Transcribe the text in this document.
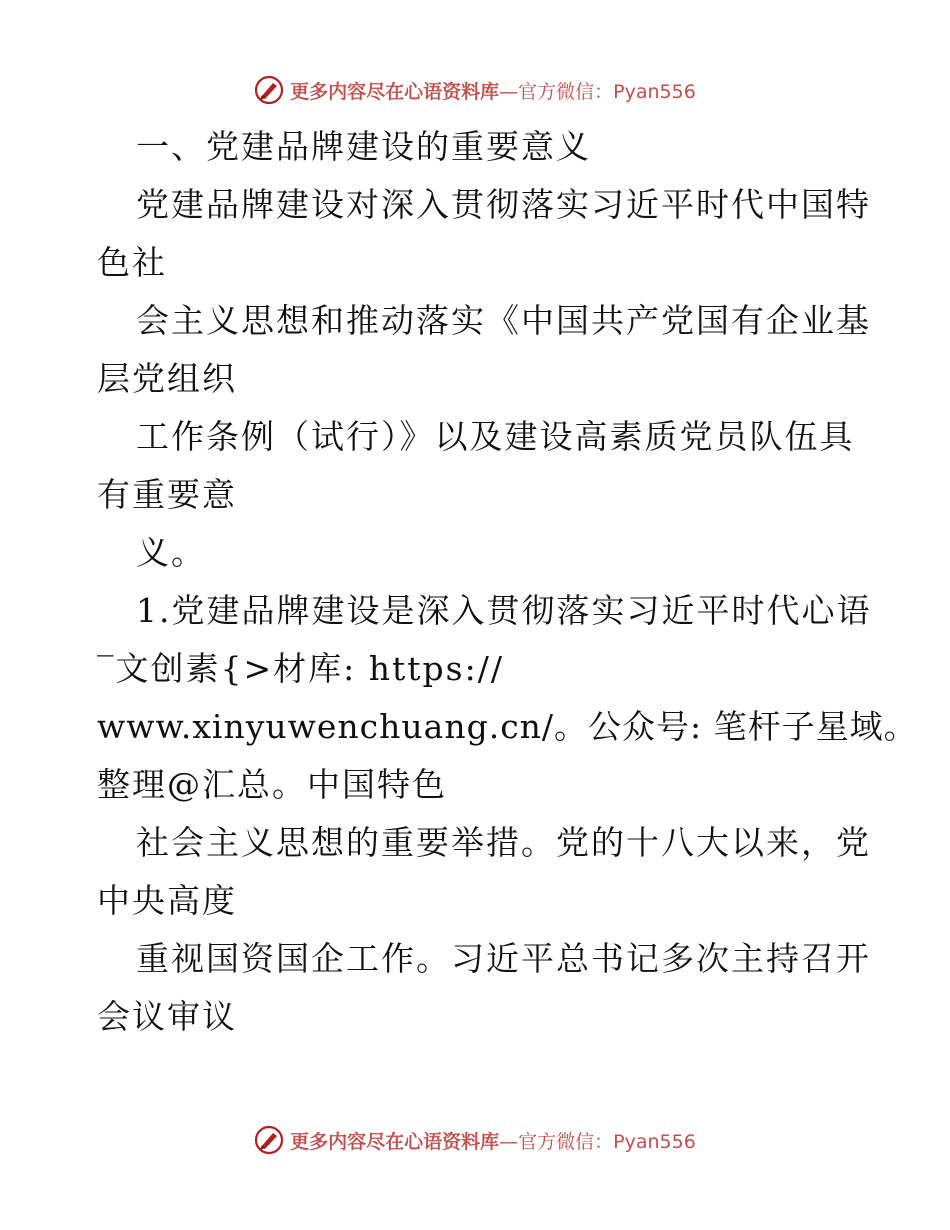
更多内容尽在心语资料库—官方微信：Pyan556
一、党建品牌建设的重要意义
党建品牌建设对深入贯彻落实习近平时代中国特
色社
会主义思想和推动落实《中国共产党国有企业基
层党组织
工作条例（试行）》以及建设高素质党员队伍具
有重要意
义。
1.党建品牌建设是深入贯彻落实习近平时代心语
‾文创素{>材库: https://
www.xinyuwenchuang.cn/。公众号: 笔杆子星域。
整理@汇总。中国特色
社会主义思想的重要举措。党的十八大以来，党
中央高度
重视国资国企工作。习近平总书记多次主持召开
会议审议
更多内容尽在心语资料库—官方微信：Pyan556
